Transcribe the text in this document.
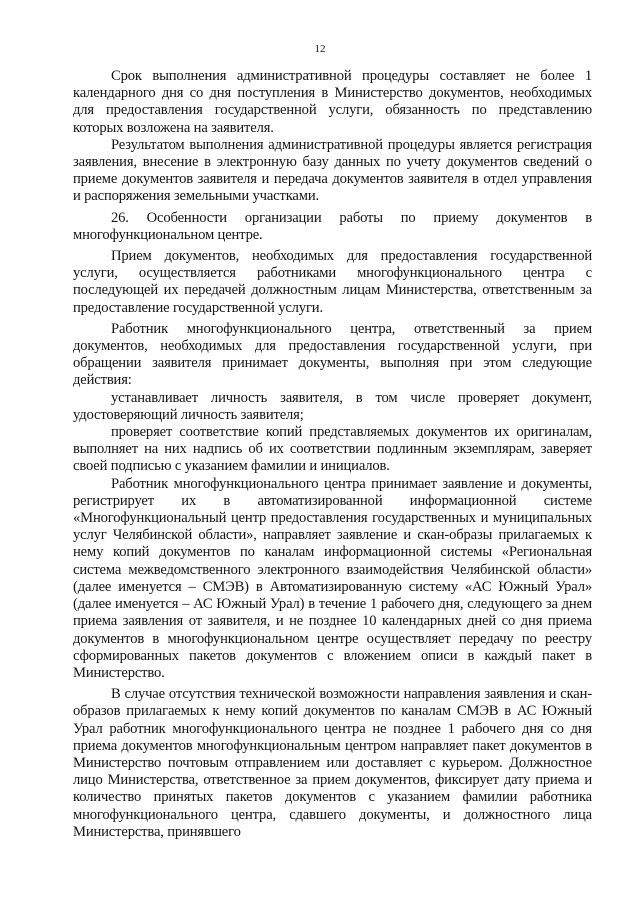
12

Срок выполнения административной процедуры составляет не более 1 календарного дня со дня поступления в Министерство документов, необходимых для предоставления государственной услуги, обязанность по представлению которых возложена на заявителя.

Результатом выполнения административной процедуры является регистрация заявления, внесение в электронную базу данных по учету документов сведений о приеме документов заявителя и передача документов заявителя в отдел управления и распоряжения земельными участками.

26. Особенности организации работы по приему документов в многофункциональном центре.

Прием документов, необходимых для предоставления государственной услуги, осуществляется работниками многофункционального центра с последующей их передачей должностным лицам Министерства, ответственным за предоставление государственной услуги.

Работник многофункционального центра, ответственный за прием документов, необходимых для предоставления государственной услуги, при обращении заявителя принимает документы, выполняя при этом следующие действия:

устанавливает личность заявителя, в том числе проверяет документ, удостоверяющий личность заявителя;

проверяет соответствие копий представляемых документов их оригиналам, выполняет на них надпись об их соответствии подлинным экземплярам, заверяет своей подписью с указанием фамилии и инициалов.

Работник многофункционального центра принимает заявление и документы, регистрирует их в автоматизированной информационной системе «Многофункциональный центр предоставления государственных и муниципальных услуг Челябинской области», направляет заявление и скан-образы прилагаемых к нему копий документов по каналам информационной системы «Региональная система межведомственного электронного взаимодействия Челябинской области» (далее именуется – СМЭВ) в Автоматизированную систему «АС Южный Урал» (далее именуется – АС Южный Урал) в течение 1 рабочего дня, следующего за днем приема заявления от заявителя, и не позднее 10 календарных дней со дня приема документов в многофункциональном центре осуществляет передачу по реестру сформированных пакетов документов с вложением описи в каждый пакет в Министерство.

В случае отсутствия технической возможности направления заявления и скан-образов прилагаемых к нему копий документов по каналам СМЭВ в АС Южный Урал работник многофункционального центра не позднее 1 рабочего дня со дня приема документов многофункциональным центром направляет пакет документов в Министерство почтовым отправлением или доставляет с курьером. Должностное лицо Министерства, ответственное за прием документов, фиксирует дату приема и количество принятых пакетов документов с указанием фамилии работника многофункционального центра, сдавшего документы, и должностного лица Министерства, принявшего
